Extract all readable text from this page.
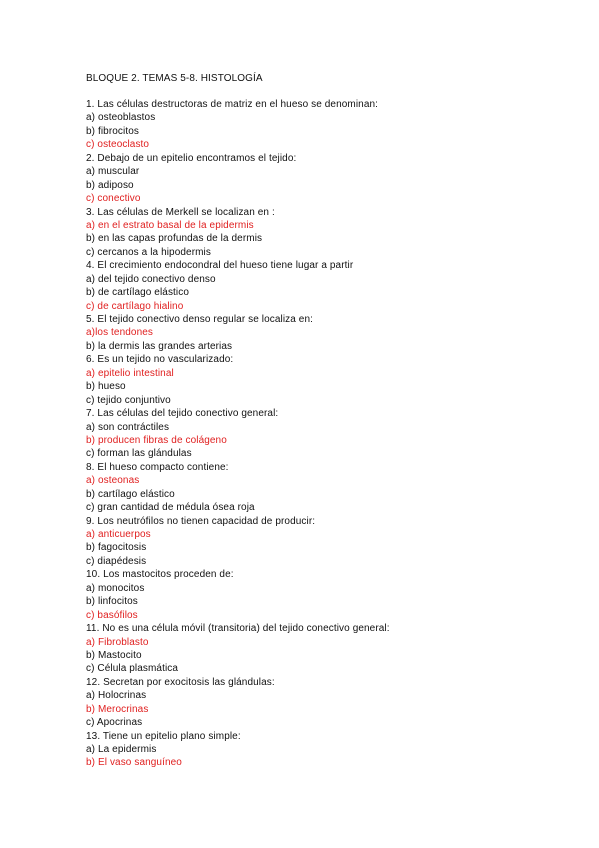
BLOQUE 2. TEMAS 5-8. HISTOLOGÍA
1. Las células destructoras de matriz en el hueso se denominan:
a) osteoblastos
b) fibrocitos
c) osteoclasto
2. Debajo de un epitelio encontramos el tejido:
a) muscular
b) adiposo
c) conectivo
3. Las células de Merkell se localizan en :
a) en el estrato basal de la epidermis
b) en las capas profundas de la dermis
c) cercanos a la hipodermis
4. El crecimiento endocondral del hueso tiene lugar a partir
a) del tejido conectivo denso
b) de cartílago elástico
c) de cartílago hialino
5. El tejido conectivo denso regular se localiza en:
a)los tendones
b) la dermis las grandes arterias
6. Es un tejido no vascularizado:
a) epitelio intestinal
b) hueso
c) tejido conjuntivo
7. Las células del tejido conectivo general:
a) son contráctiles
b) producen fibras de colágeno
c) forman las glándulas
8. El hueso compacto contiene:
a) osteonas
b) cartílago elástico
c) gran cantidad de médula ósea roja
9. Los neutrófilos no tienen capacidad de producir:
a) anticuerpos
b) fagocitosis
c) diapédesis
10. Los mastocitos proceden de:
a) monocitos
b) linfocitos
c) basófilos
11. No es una célula móvil (transitoria) del tejido conectivo general:
a) Fibroblasto
b) Mastocito
c) Célula plasmática
12. Secretan por exocitosis las glándulas:
a) Holocrinas
b) Merocrinas
c) Apocrinas
13. Tiene un epitelio plano simple:
a) La epidermis
b) El vaso sanguíneo
